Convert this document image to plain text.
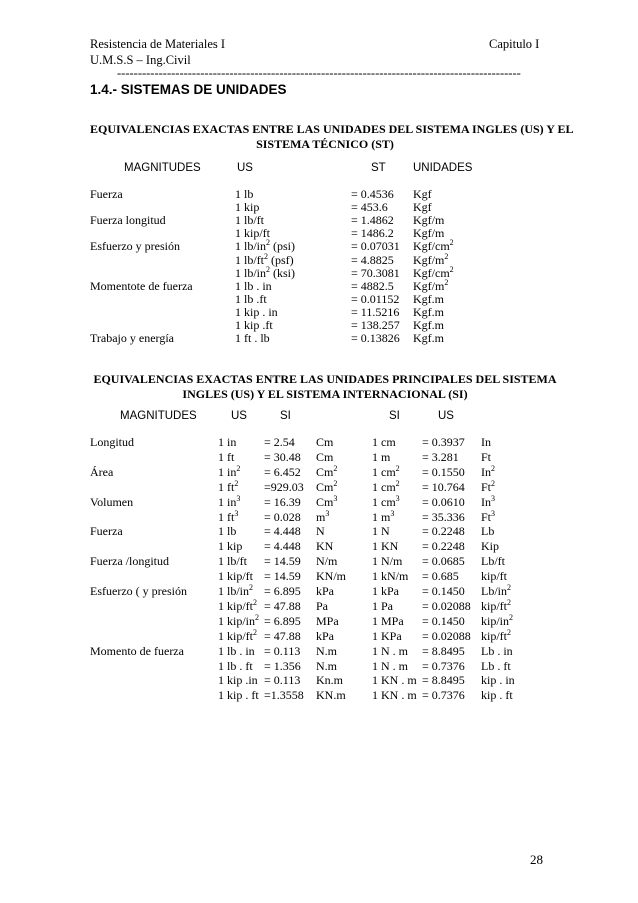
Resistencia de Materiales I
U.M.S.S – Ing.Civil
Capitulo I
-------------------------------------------------------------------------------------------------
1.4.- SISTEMAS DE UNIDADES
EQUIVALENCIAS EXACTAS ENTRE LAS UNIDADES DEL SISTEMA INGLES (US) Y EL
SISTEMA TÉCNICO (ST)
MAGNITUDES	US	ST UNIDADES
Fuerza	1 lb	= 0.4536 Kgf
1 kip	= 453.6 Kgf
Fuerza longitud	1 lb/ft	= 1.4862 Kgf/m
1 kip/ft	= 1486.2 Kgf/m
Esfuerzo y presión	1 $lb/in^2$ (psi)	= 0.07031 Kgf/$cm^2$
1 $lb/ft^2$ (psf)	= 4.8825 Kgf/$m^2$
1 $lb/in^2$ (ksi)	= 70.3081 Kgf/$cm^2$
Momentote de fuerza	1 lb . in	= 4882.5 Kgf/$m^2$
1 lb .ft	= 0.01152 Kgf.m
1 kip . in	= 11.5216 Kgf.m
1 kip .ft	= 138.257 Kgf.m
Trabajo y energía	1 ft . lb	= 0.13826 Kgf.m
EQUIVALENCIAS EXACTAS ENTRE LAS UNIDADES PRINCIPALES DEL SISTEMA
INGLES (US) Y EL SISTEMA INTERNACIONAL (SI)
MAGNITUDES	US	SI	SI	US
Longitud	1 in = 2.54 Cm	1 cm = 0.3937 In
1 ft = 30.48 Cm	1 m	= 3.281 Ft
Área	1 $in^2 = 6.452$ Cm$^2$	1 $cm^2 = 0.1550$ In$^2$
1 $ft^2 =929.03$ Cm$^2$	1 $cm^2 = 10.764$ Ft$^2$
Volumen	1 $in^3 = 16.39$ Cm$^3$	1 $cm^3 = 0.0610$ In$^3$
1 $ft^3 = 0.028$ $m^3$	1 $m^3 = 35.336$ Ft$^3$
Fuerza	1 lb = 4.448 N	1 N	= 0.2248 Lb
1 kip = 4.448 KN	1 KN = 0.2248 Kip
Fuerza /longitud	1 lb/ft = 14.59 N/m	1 N/m = 0.0685 Lb/ft
1 kip/ft = 14.59 KN/m 1 kN/m = 0.685 kip/ft
Esfuerzo ( y presión	1 $lb/in^2 = 6.895$ kPa	1 kPa = 0.1450 $Lb/in^2$
1 kip/$ft^2 = 47.88$ Pa	1 Pa = 0.02088 kip/$ft^2$
1 kip/$in^2 = 6.895$ MPa	1 MPa = 0.1450 kip/$in^2$
1 kip/$ft^2 = 47.88$ kPa	1 KPa = 0.02088 kip/$ft^2$
Momento de fuerza	1 lb . in = 0.113 N.m	1 N . m = 8.8495 Lb . in
1 lb . ft = 1.356 N.m	1 N . m = 0.7376 Lb . ft
1 kip .in = 0.113 Kn.m 1 KN . m = 8.8495 kip . in
1 kip . ft =1.3558 KN.m 1 KN . m = 0.7376 kip . ft
28
